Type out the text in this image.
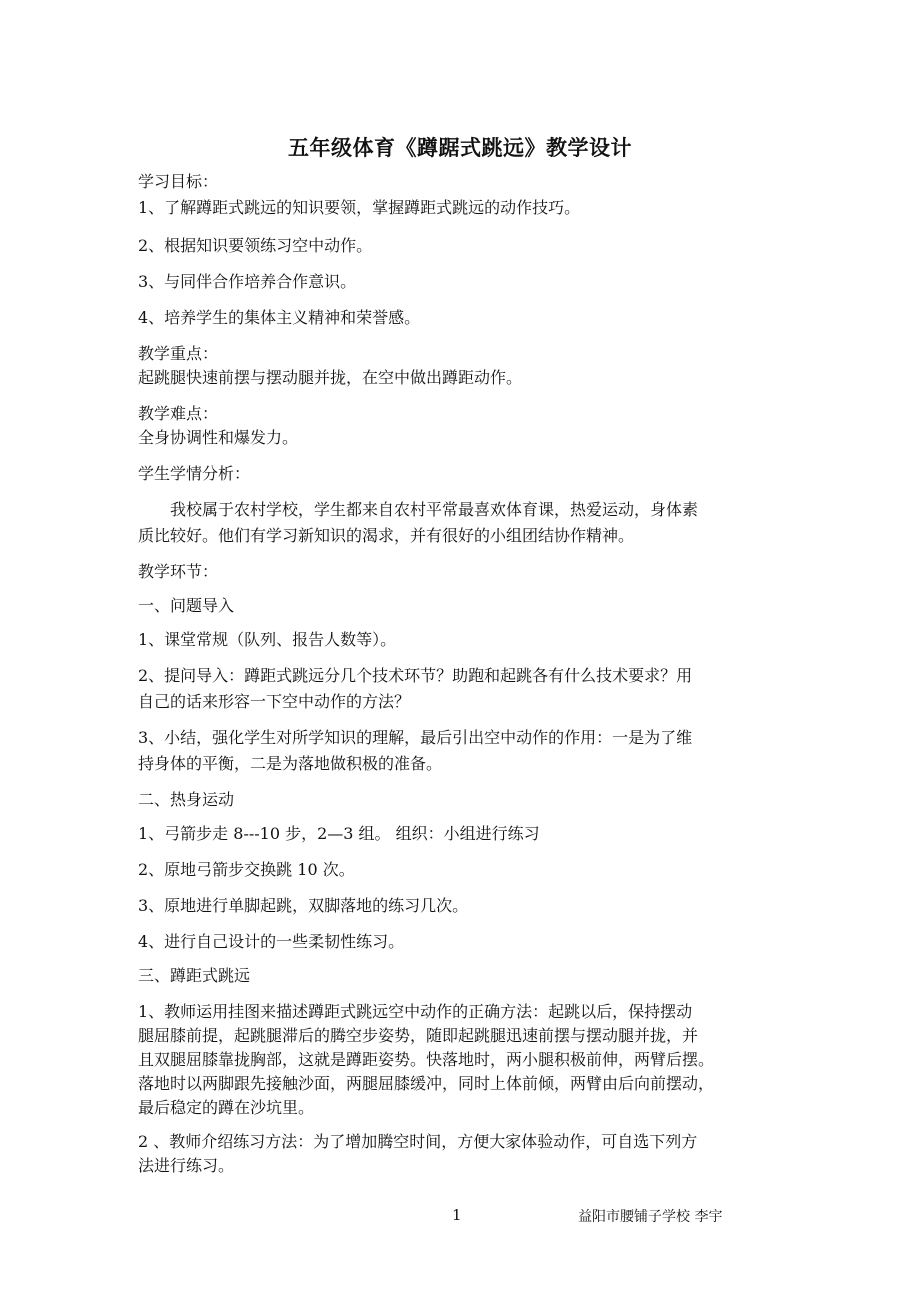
五年级体育《蹲踞式跳远》教学设计
学习目标：
1、了解蹲距式跳远的知识要领，掌握蹲距式跳远的动作技巧。
2、根据知识要领练习空中动作。
3、与同伴合作培养合作意识。
4、培养学生的集体主义精神和荣誉感。
教学重点：
起跳腿快速前摆与摆动腿并拢，在空中做出蹲距动作。
教学难点：
全身协调性和爆发力。
学生学情分析：
　　我校属于农村学校，学生都来自农村平常最喜欢体育课，热爱运动，身体素
质比较好。他们有学习新知识的渴求，并有很好的小组团结协作精神。
教学环节：
一、问题导入
1、课堂常规（队列、报告人数等）。
2、提问导入：蹲距式跳远分几个技术环节？助跑和起跳各有什么技术要求？用
自己的话来形容一下空中动作的方法？
3、小结，强化学生对所学知识的理解，最后引出空中动作的作用：一是为了维
持身体的平衡，二是为落地做积极的准备。
二、热身运动
1、弓箭步走 8---10 步，2—3 组。 组织：小组进行练习
2、原地弓箭步交换跳 10 次。
3、原地进行单脚起跳，双脚落地的练习几次。
4、进行自己设计的一些柔韧性练习。
三、蹲距式跳远
1、教师运用挂图来描述蹲距式跳远空中动作的正确方法：起跳以后，保持摆动
腿屈膝前提，起跳腿滞后的腾空步姿势，随即起跳腿迅速前摆与摆动腿并拢，并
且双腿屈膝靠拢胸部，这就是蹲距姿势。快落地时，两小腿积极前伸，两臂后摆。
落地时以两脚跟先接触沙面，两腿屈膝缓冲，同时上体前倾，两臂由后向前摆动，
最后稳定的蹲在沙坑里。
2 、教师介绍练习方法：为了增加腾空时间，方便大家体验动作，可自选下列方
法进行练习。
1	益阳市腰铺子学校 李宇
